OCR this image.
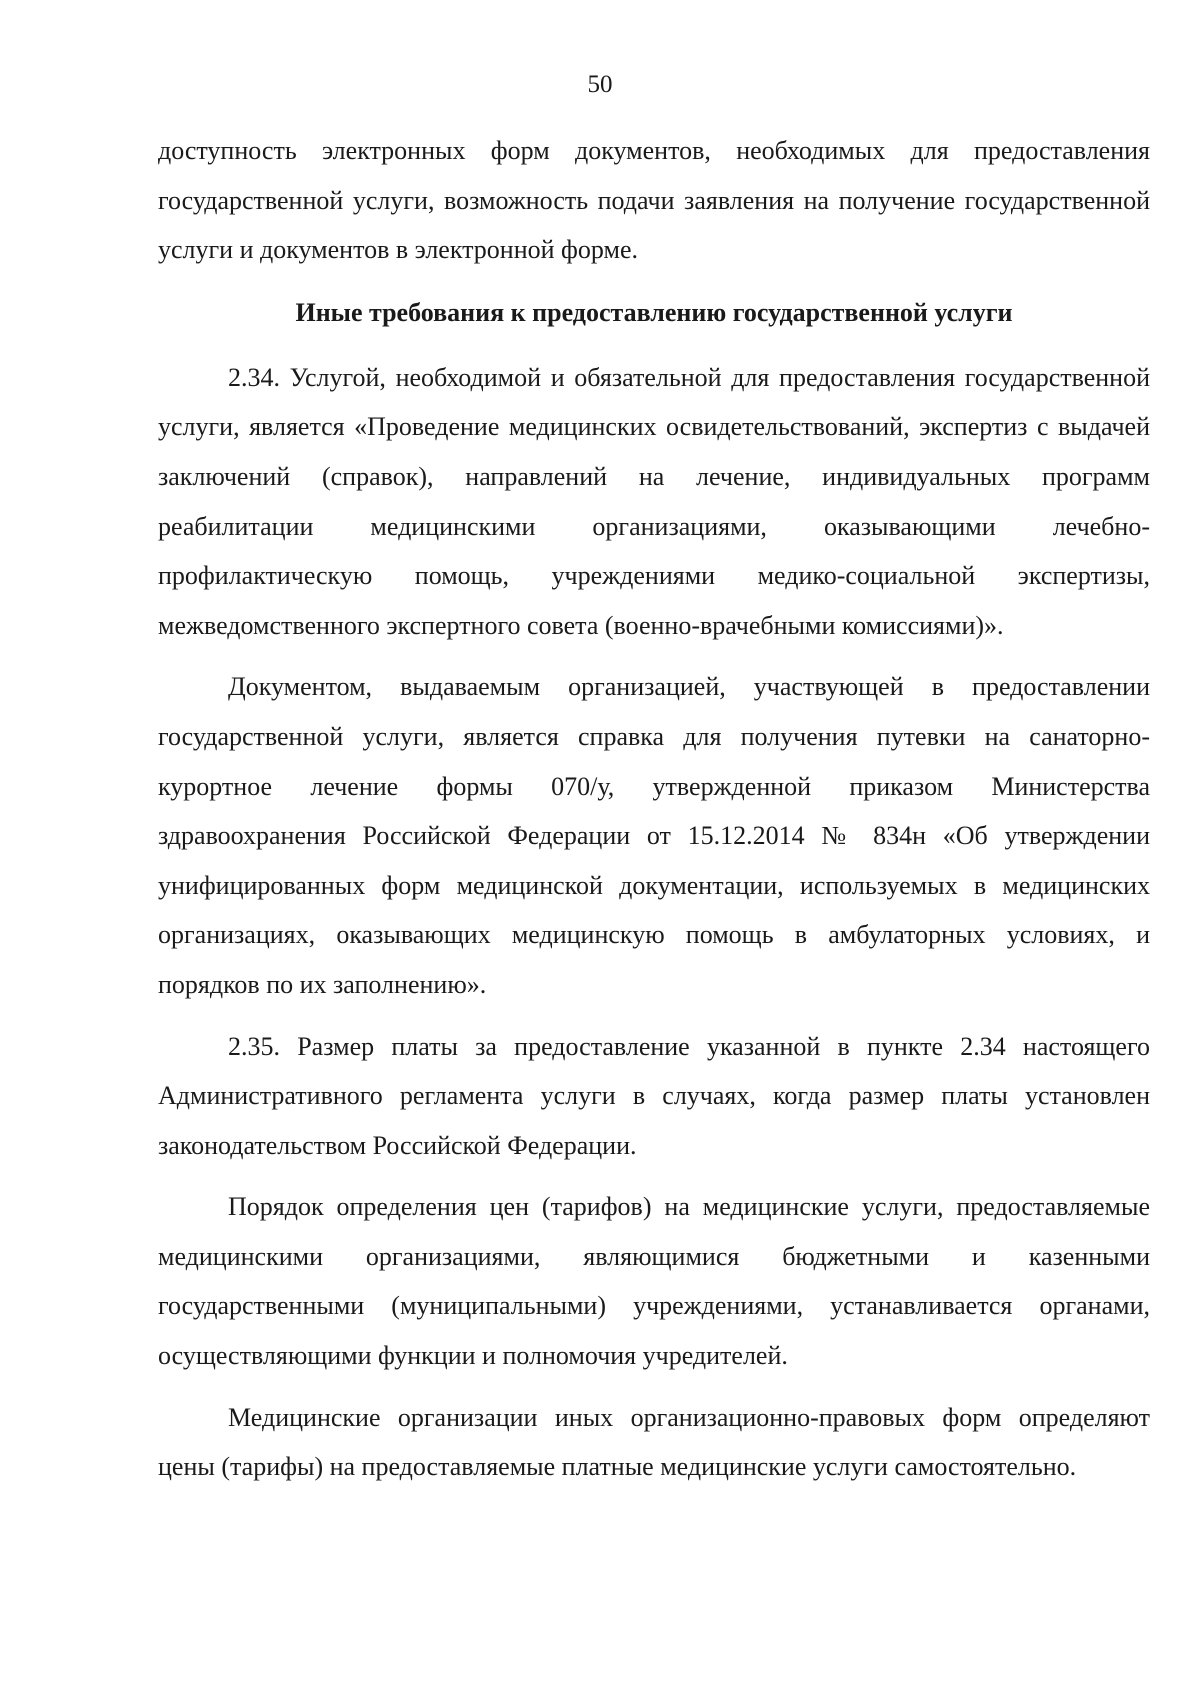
50

доступность электронных форм документов, необходимых для предоставления государственной услуги, возможность подачи заявления на получение государственной услуги и документов в электронной форме.

Иные требования к предоставлению государственной услуги

2.34. Услугой, необходимой и обязательной для предоставления государственной услуги, является «Проведение медицинских освидетельствований, экспертиз с выдачей заключений (справок), направлений на лечение, индивидуальных программ реабилитации медицинскими организациями, оказывающими лечебно-профилактическую помощь, учреждениями медико-социальной экспертизы, межведомственного экспертного совета (военно-врачебными комиссиями)».

Документом, выдаваемым организацией, участвующей в предоставлении государственной услуги, является справка для получения путевки на санаторно-курортное лечение формы 070/у, утвержденной приказом Министерства здравоохранения Российской Федерации от 15.12.2014 № 834н «Об утверждении унифицированных форм медицинской документации, используемых в медицинских организациях, оказывающих медицинскую помощь в амбулаторных условиях, и порядков по их заполнению».

2.35. Размер платы за предоставление указанной в пункте 2.34 настоящего Административного регламента услуги в случаях, когда размер платы установлен законодательством Российской Федерации.

Порядок определения цен (тарифов) на медицинские услуги, предоставляемые медицинскими организациями, являющимися бюджетными и казенными государственными (муниципальными) учреждениями, устанавливается органами, осуществляющими функции и полномочия учредителей.

Медицинские организации иных организационно-правовых форм определяют цены (тарифы) на предоставляемые платные медицинские услуги самостоятельно.
